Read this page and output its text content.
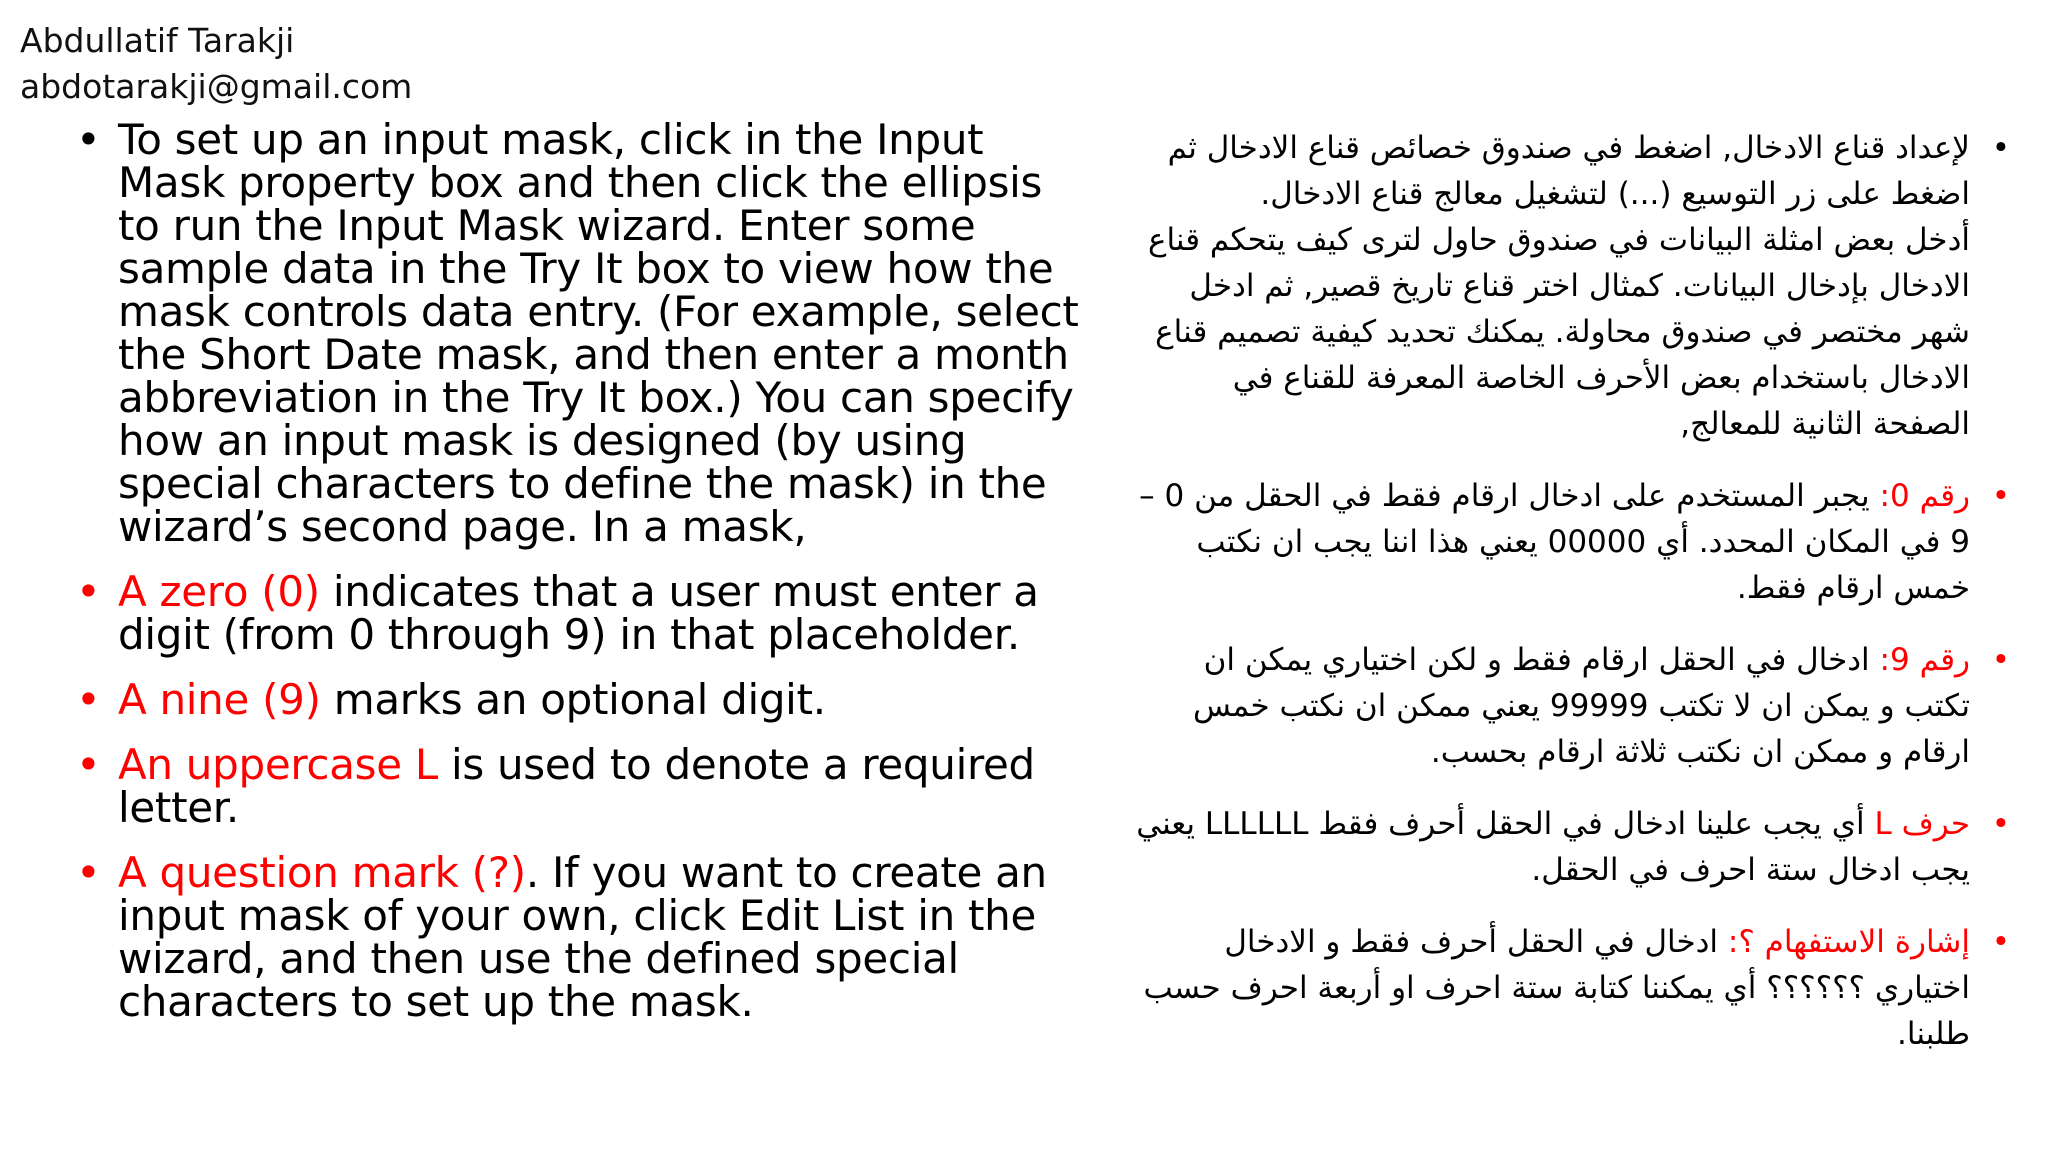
Abdullatif Tarakji
abdotarakji@gmail.com
• To set up an input mask, click in the Input Mask property box and then click the ellipsis to run the Input Mask wizard. Enter some sample data in the Try It box to view how the mask controls data entry. (For example, select the Short Date mask, and then enter a month abbreviation in the Try It box.) You can specify how an input mask is designed (by using special characters to define the mask) in the wizard’s second page. In a mask,
• A zero (0) indicates that a user must enter a digit (from 0 through 9) in that placeholder.
• A nine (9) marks an optional digit.
• An uppercase L is used to denote a required letter.
• A question mark (?). If you want to create an input mask of your own, click Edit List in the wizard, and then use the defined special characters to set up the mask.
• لإعداد قناع الادخال, اضغط في صندوق خصائص قناع الادخال ثم اضغط على زر التوسيع (...) لتشغيل معالج قناع الادخال.
أدخل بعض امثلة البيانات في صندوق حاول لترى كيف يتحكم قناع الادخال بإدخال البيانات. كمثال اختر قناع تاريخ قصير, ثم ادخل شهر مختصر في صندوق محاولة. يمكنك تحديد كيفية تصميم قناع الادخال باستخدام بعض الأحرف الخاصة المعرفة للقناع في الصفحة الثانية للمعالج,
• رقم 0: يجبر المستخدم على ادخال ارقام فقط في الحقل من 0 – 9 في المكان المحدد. أي 00000 يعني هذا اننا يجب ان نكتب خمس ارقام فقط.
• رقم 9: ادخال في الحقل ارقام فقط و لكن اختياري يمكن ان تكتب و يمكن ان لا تكتب 99999 يعني ممكن ان نكتب خمس ارقام و ممكن ان نكتب ثلاثة ارقام بحسب.
• حرف L أي يجب علينا ادخال في الحقل أحرف فقط LLLLLL يعني يجب ادخال ستة احرف في الحقل.
• إشارة الاستفهام ؟: ادخال في الحقل أحرف فقط و الادخال اختياري ؟؟؟؟؟؟ أي يمكننا كتابة ستة احرف او أربعة احرف حسب طلبنا.
